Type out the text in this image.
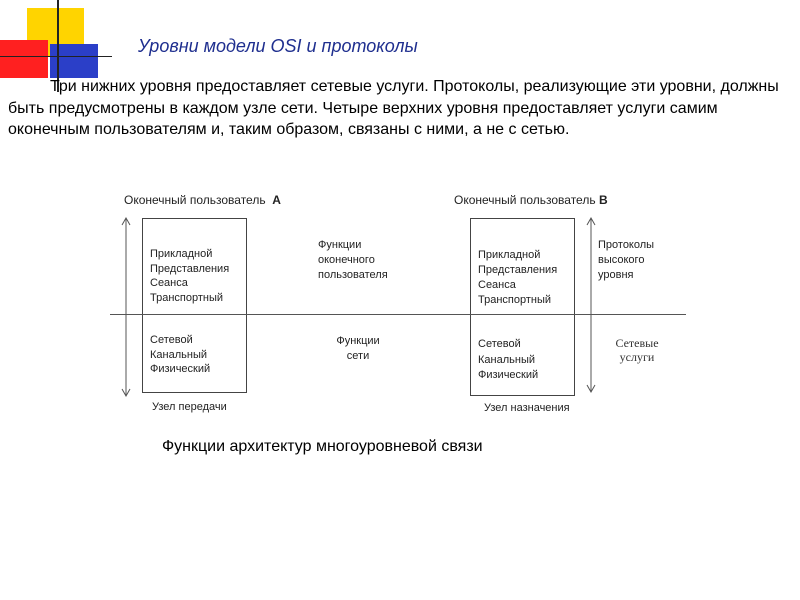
Уровни модели OSI и протоколы
Три нижних уровня предоставляет сетевые услуги. Протоколы, реализующие эти уровни, должны быть предусмотрены в каждом узле сети. Четыре верхних уровня предоставляет услуги самим оконечным пользователям и, таким образом, связаны с ними, а не с сетью.
Оконечный пользователь A	Оконечный пользователь B
Прикладной
Представления
Сеанса
Транспортный
Сетевой
Канальный
Физический
Прикладной
Представления
Сеанса
Транспортный
Сетевой
Канальный
Физический
Функции
оконечного
пользователя
Функции
сети
Протоколы
высокого
уровня
Сетевые
услуги
Узел передачи	Узел назначения
Функции архитектур многоуровневой связи
